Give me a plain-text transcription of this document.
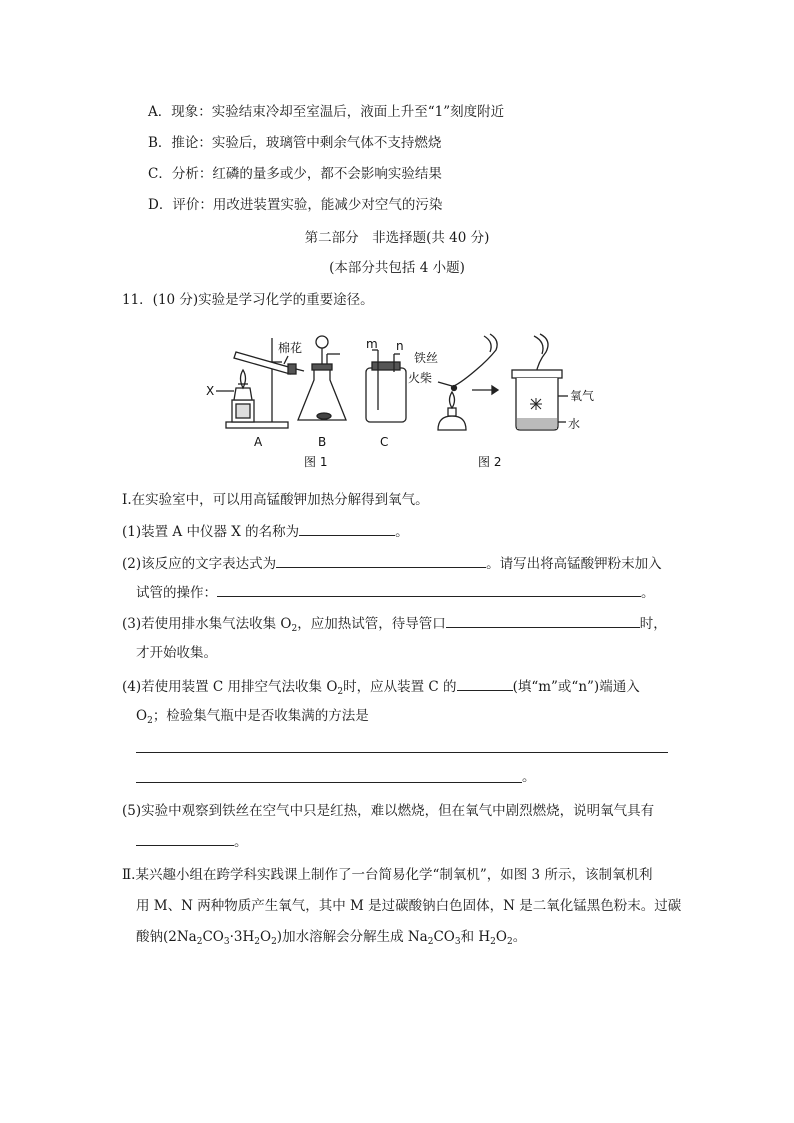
A．现象：实验结束冷却至室温后，液面上升至“1”刻度附近
B．推论：实验后，玻璃管中剩余气体不支持燃烧
C．分析：红磷的量多或少，都不会影响实验结果
D．评价：用改进装置实验，能减少对空气的污染
第二部分　非选择题(共 40 分)
(本部分共包括 4 小题)
11．(10 分)实验是学习化学的重要途径。
棉花
X
A	B
m n
C
铁丝
火柴
氧气
水
图 1	图 2
Ⅰ.在实验室中，可以用高锰酸钾加热分解得到氧气。
(1)装置 A 中仪器 X 的名称为	。
(2)该反应的文字表达式为	。请写出将高锰酸钾粉末加入
试管的操作：	。
(3)若使用排水集气法收集 $O_2$，应加热试管，待导管口	时，
才开始收集。
(4)若使用装置 C 用排空气法收集 $O_2$时，应从装置 C 的	(填“m”或“n”)端通入
$O_2$；检验集气瓶中是否收集满的方法是
。
(5)实验中观察到铁丝在空气中只是红热，难以燃烧，但在氧气中剧烈燃烧，说明氧气具有
。
Ⅱ.某兴趣小组在跨学科实践课上制作了一台简易化学“制氧机”，如图 3 所示，该制氧机利
用 M、N 两种物质产生氧气，其中 M 是过碳酸钠白色固体，N 是二氧化锰黑色粉末。过碳
酸钠$(2Na_2CO_3\cdot 3H_2O_2)$加水溶解会分解生成 $Na_2CO_3$和 $H_2O_2$。
